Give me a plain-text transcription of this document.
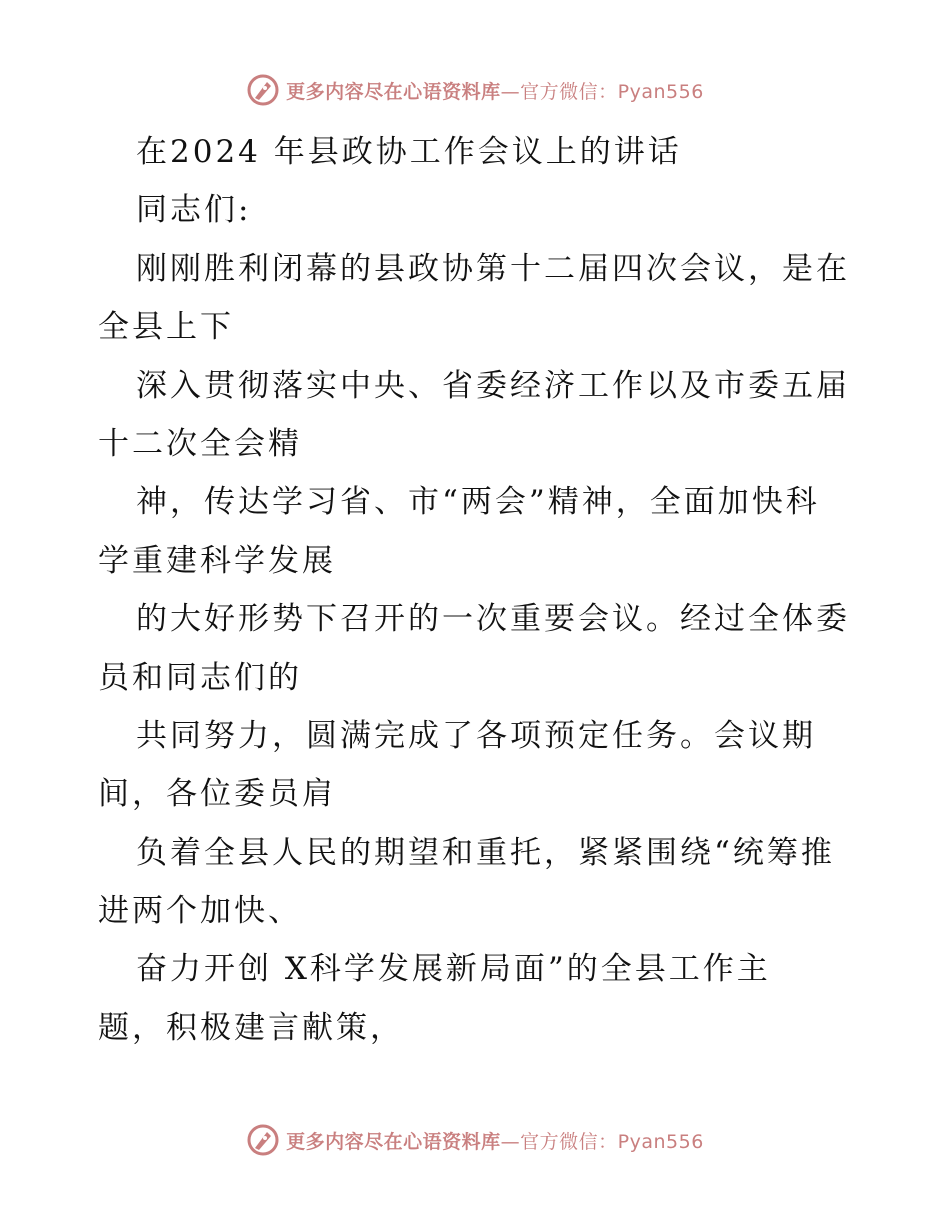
更多内容尽在心语资料库—官方微信：Pyan556
在2024 年县政协工作会议上的讲话
同志们:
刚刚胜利闭幕的县政协第十二届四次会议，是在
全县上下
深入贯彻落实中央、省委经济工作以及市委五届
十二次全会精
神，传达学习省、市“两会”精神，全面加快科
学重建科学发展
的大好形势下召开的一次重要会议。经过全体委
员和同志们的
共同努力，圆满完成了各项预定任务。会议期
间，各位委员肩
负着全县人民的期望和重托，紧紧围绕“统筹推
进两个加快、
奋力开创 X科学发展新局面”的全县工作主
题，积极建言献策，
更多内容尽在心语资料库—官方微信：Pyan556
